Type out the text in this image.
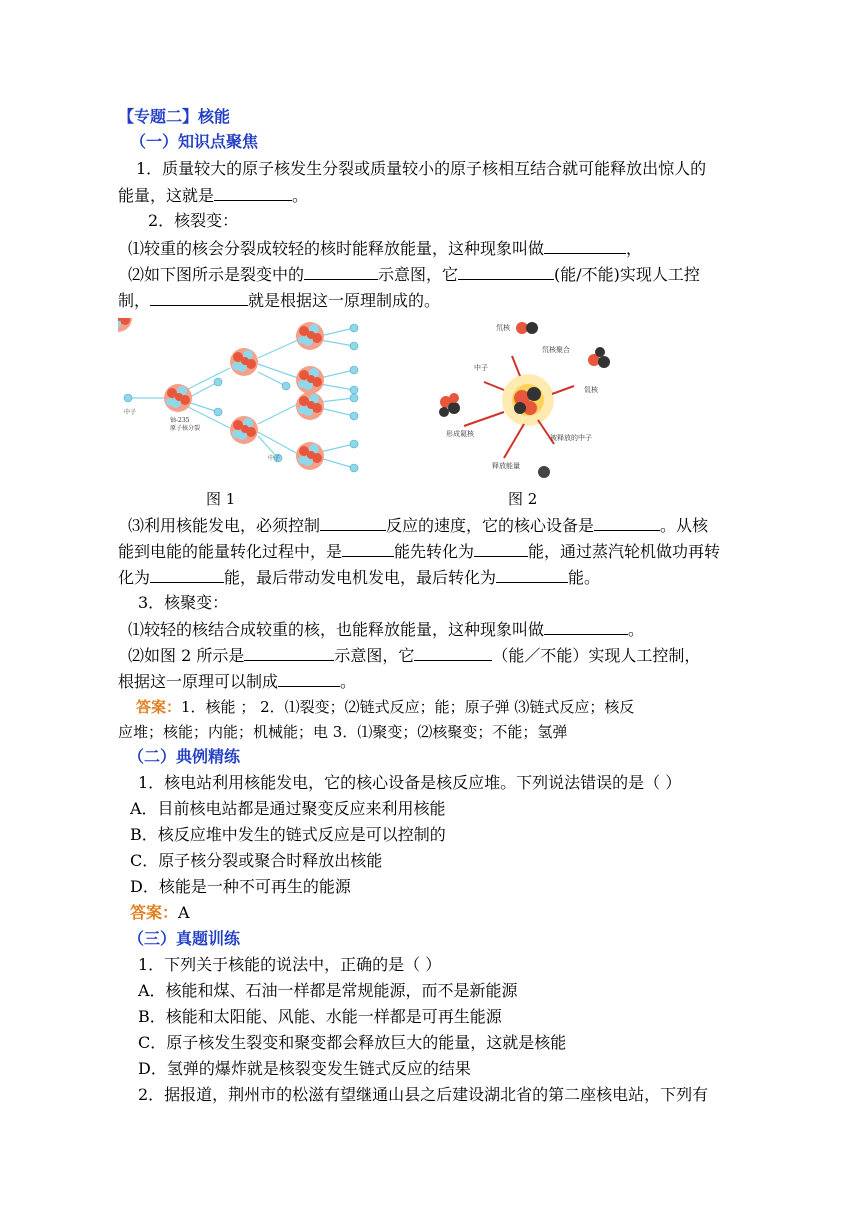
【专题二】核能
（一）知识点聚焦
1．质量较大的原子核发生分裂或质量较小的原子核相互结合就可能释放出惊人的
能量，这就是	。
2．核裂变：
⑴较重的核会分裂成较轻的核时能释放能量，这种现象叫做	，
⑵如下图所示是裂变中的	示意图，它	(能/不能)实现人工控
制，	就是根据这一原理制成的。
中子
铀-235
原子核分裂
中子
图 1
氘核
氘核聚合
中子
氚核
形成氦核	被释放的中子
释放能量
图 2
⑶利用核能发电，必须控制	反应的速度，它的核心设备是	。从核
能到电能的能量转化过程中，是	能先转化为	能，通过蒸汽轮机做功再转
化为	能，最后带动发电机发电，最后转化为	能。
3．核聚变：
⑴较轻的核结合成较重的核，也能释放能量，这种现象叫做	。
⑵如图 2 所示是	示意图，它	（能／不能）实现人工控制，
根据这一原理可以制成	。
答案：1．核能 ； 2．⑴裂变；⑵链式反应；能；原子弹 ⑶链式反应；核反
应堆；核能；内能；机械能；电 3．⑴聚变；⑵核聚变；不能；氢弹
（二）典例精练
1．核电站利用核能发电，它的核心设备是核反应堆。下列说法错误的是（ ）
A．目前核电站都是通过聚变反应来利用核能
B．核反应堆中发生的链式反应是可以控制的
C．原子核分裂或聚合时释放出核能
D．核能是一种不可再生的能源
答案：A
（三）真题训练
1．下列关于核能的说法中，正确的是（ ）
A．核能和煤、石油一样都是常规能源，而不是新能源
B．核能和太阳能、风能、水能一样都是可再生能源
C．原子核发生裂变和聚变都会释放巨大的能量，这就是核能
D．氢弹的爆炸就是核裂变发生链式反应的结果
2．据报道，荆州市的松滋有望继通山县之后建设湖北省的第二座核电站，下列有
